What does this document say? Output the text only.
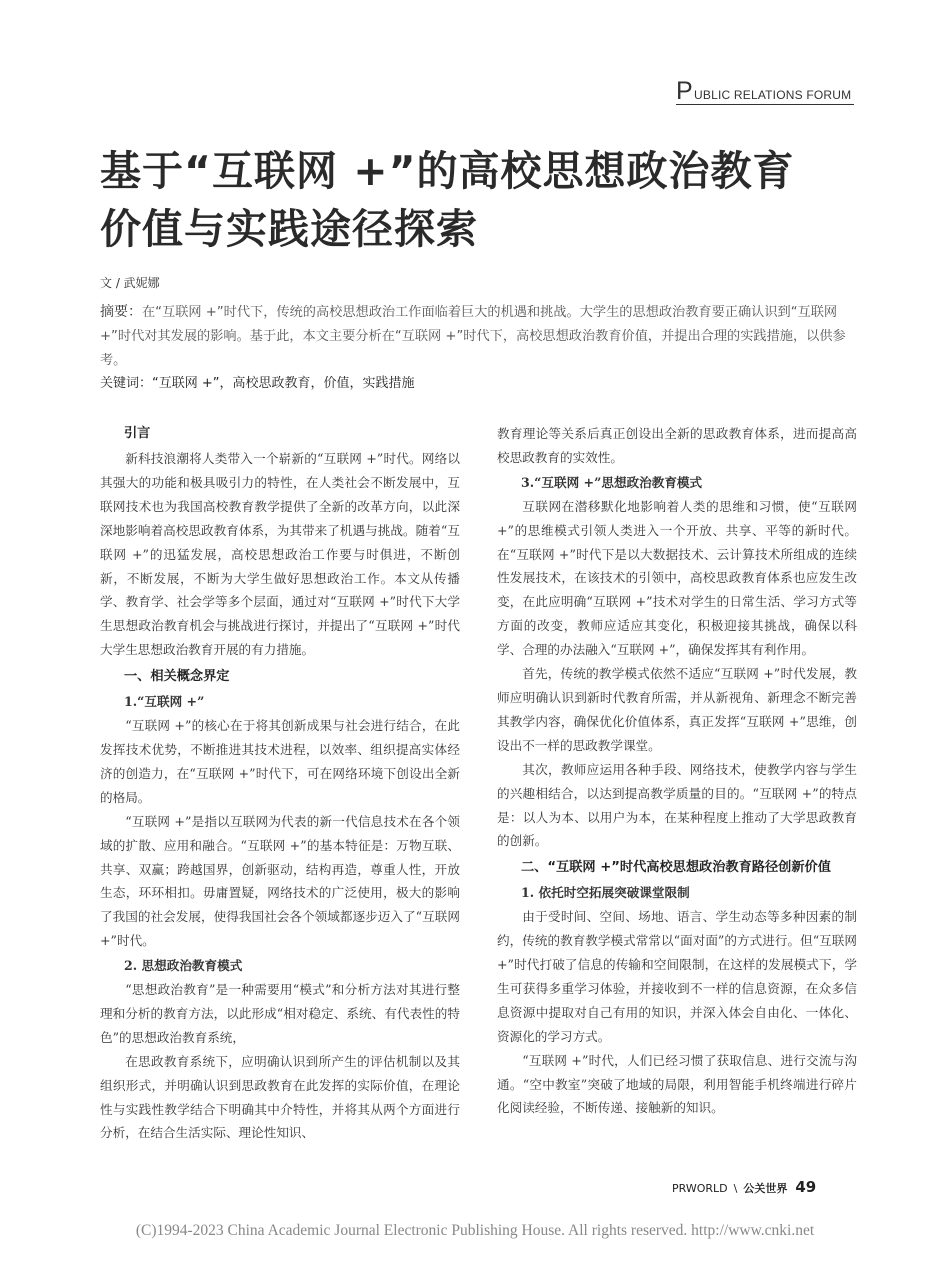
P UBLIC RELATIONS FORUM
基于“互联网 +”的高校思想政治教育
价值与实践途径探索
文 / 武妮娜
摘要：在“互联网 +”时代下，传统的高校思想政治工作面临着巨大的机遇和挑战。大学生的思想政治教育要正确认识到“互联网 +”时代对其发展的影响。基于此，本文主要分析在“互联网 +”时代下，高校思想政治教育价值，并提出合理的实践措施，以供参考。
关键词：“互联网 +”，高校思政教育，价值，实践措施
引言

新科技浪潮将人类带入一个崭新的“互联网 +”时代。网络以其强大的功能和极具吸引力的特性，在人类社会不断发展中，互联网技术也为我国高校教育教学提供了全新的改革方向，以此深深地影响着高校思政教育体系，为其带来了机遇与挑战。随着“互联网 +”的迅猛发展，高校思想政治工作要与时俱进，不断创新，不断发展，不断为大学生做好思想政治工作。本文从传播学、教育学、社会学等多个层面，通过对“互联网 +”时代下大学生思想政治教育机会与挑战进行探讨，并提出了“互联网 +”时代大学生思想政治教育开展的有力措施。

一、相关概念界定
1.“互联网 +”

“互联网 +”的核心在于将其创新成果与社会进行结合，在此发挥技术优势，不断推进其技术进程，以效率、组织提高实体经济的创造力，在“互联网 +”时代下，可在网络环境下创设出全新的格局。

“互联网 +”是指以互联网为代表的新一代信息技术在各个领域的扩散、应用和融合。“互联网 +”的基本特征是：万物互联、共享、双赢；跨越国界，创新驱动，结构再造，尊重人性，开放生态，环环相扣。毋庸置疑，网络技术的广泛使用，极大的影响了我国的社会发展，使得我国社会各个领域都逐步迈入了“互联网 +”时代。

2. 思想政治教育模式

“思想政治教育”是一种需要用“模式”和分析方法对其进行整理和分析的教育方法，以此形成“相对稳定、系统、有代表性的特色”的思想政治教育系统，

在思政教育系统下，应明确认识到所产生的评估机制以及其组织形式，并明确认识到思政教育在此发挥的实际价值，在理论性与实践性教学结合下明确其中介特性，并将其从两个方面进行分析，在结合生活实际、理论性知识、

教育理论等关系后真正创设出全新的思政教育体系，进而提高高校思政教育的实效性。

3.“互联网 +”思想政治教育模式

互联网在潜移默化地影响着人类的思维和习惯，使“互联网 +”的思维模式引领人类进入一个开放、共享、平等的新时代。在“互联网 +”时代下是以大数据技术、云计算技术所组成的连续性发展技术，在该技术的引领中，高校思政教育体系也应发生改变，在此应明确“互联网 +”技术对学生的日常生活、学习方式等方面的改变，教师应适应其变化，积极迎接其挑战，确保以科学、合理的办法融入“互联网 +”，确保发挥其有利作用。

首先，传统的教学模式依然不适应“互联网 +”时代发展，教师应明确认识到新时代教育所需，并从新视角、新理念不断完善其教学内容，确保优化价值体系，真正发挥“互联网 +”思维，创设出不一样的思政教学课堂。

其次，教师应运用各种手段、网络技术，使教学内容与学生的兴趣相结合，以达到提高教学质量的目的。“互联网 +”的特点是：以人为本、以用户为本，在某种程度上推动了大学思政教育的创新。

二、“互联网 +”时代高校思想政治教育路径创新价值
1. 依托时空拓展突破课堂限制

由于受时间、空间、场地、语言、学生动态等多种因素的制约，传统的教育教学模式常常以“面对面”的方式进行。但“互联网 +”时代打破了信息的传输和空间限制，在这样的发展模式下，学生可获得多重学习体验，并接收到不一样的信息资源，在众多信息资源中提取对自己有用的知识，并深入体会自由化、一体化、资源化的学习方式。

“互联网 +”时代，人们已经习惯了获取信息、进行交流与沟通。“空中教室”突破了地域的局限，利用智能手机终端进行碎片化阅读经验，不断传递、接触新的知识。

PRWORLD \ 公关世界 49
(C)1994-2023 China Academic Journal Electronic Publishing House. All rights reserved. http://www.cnki.net
